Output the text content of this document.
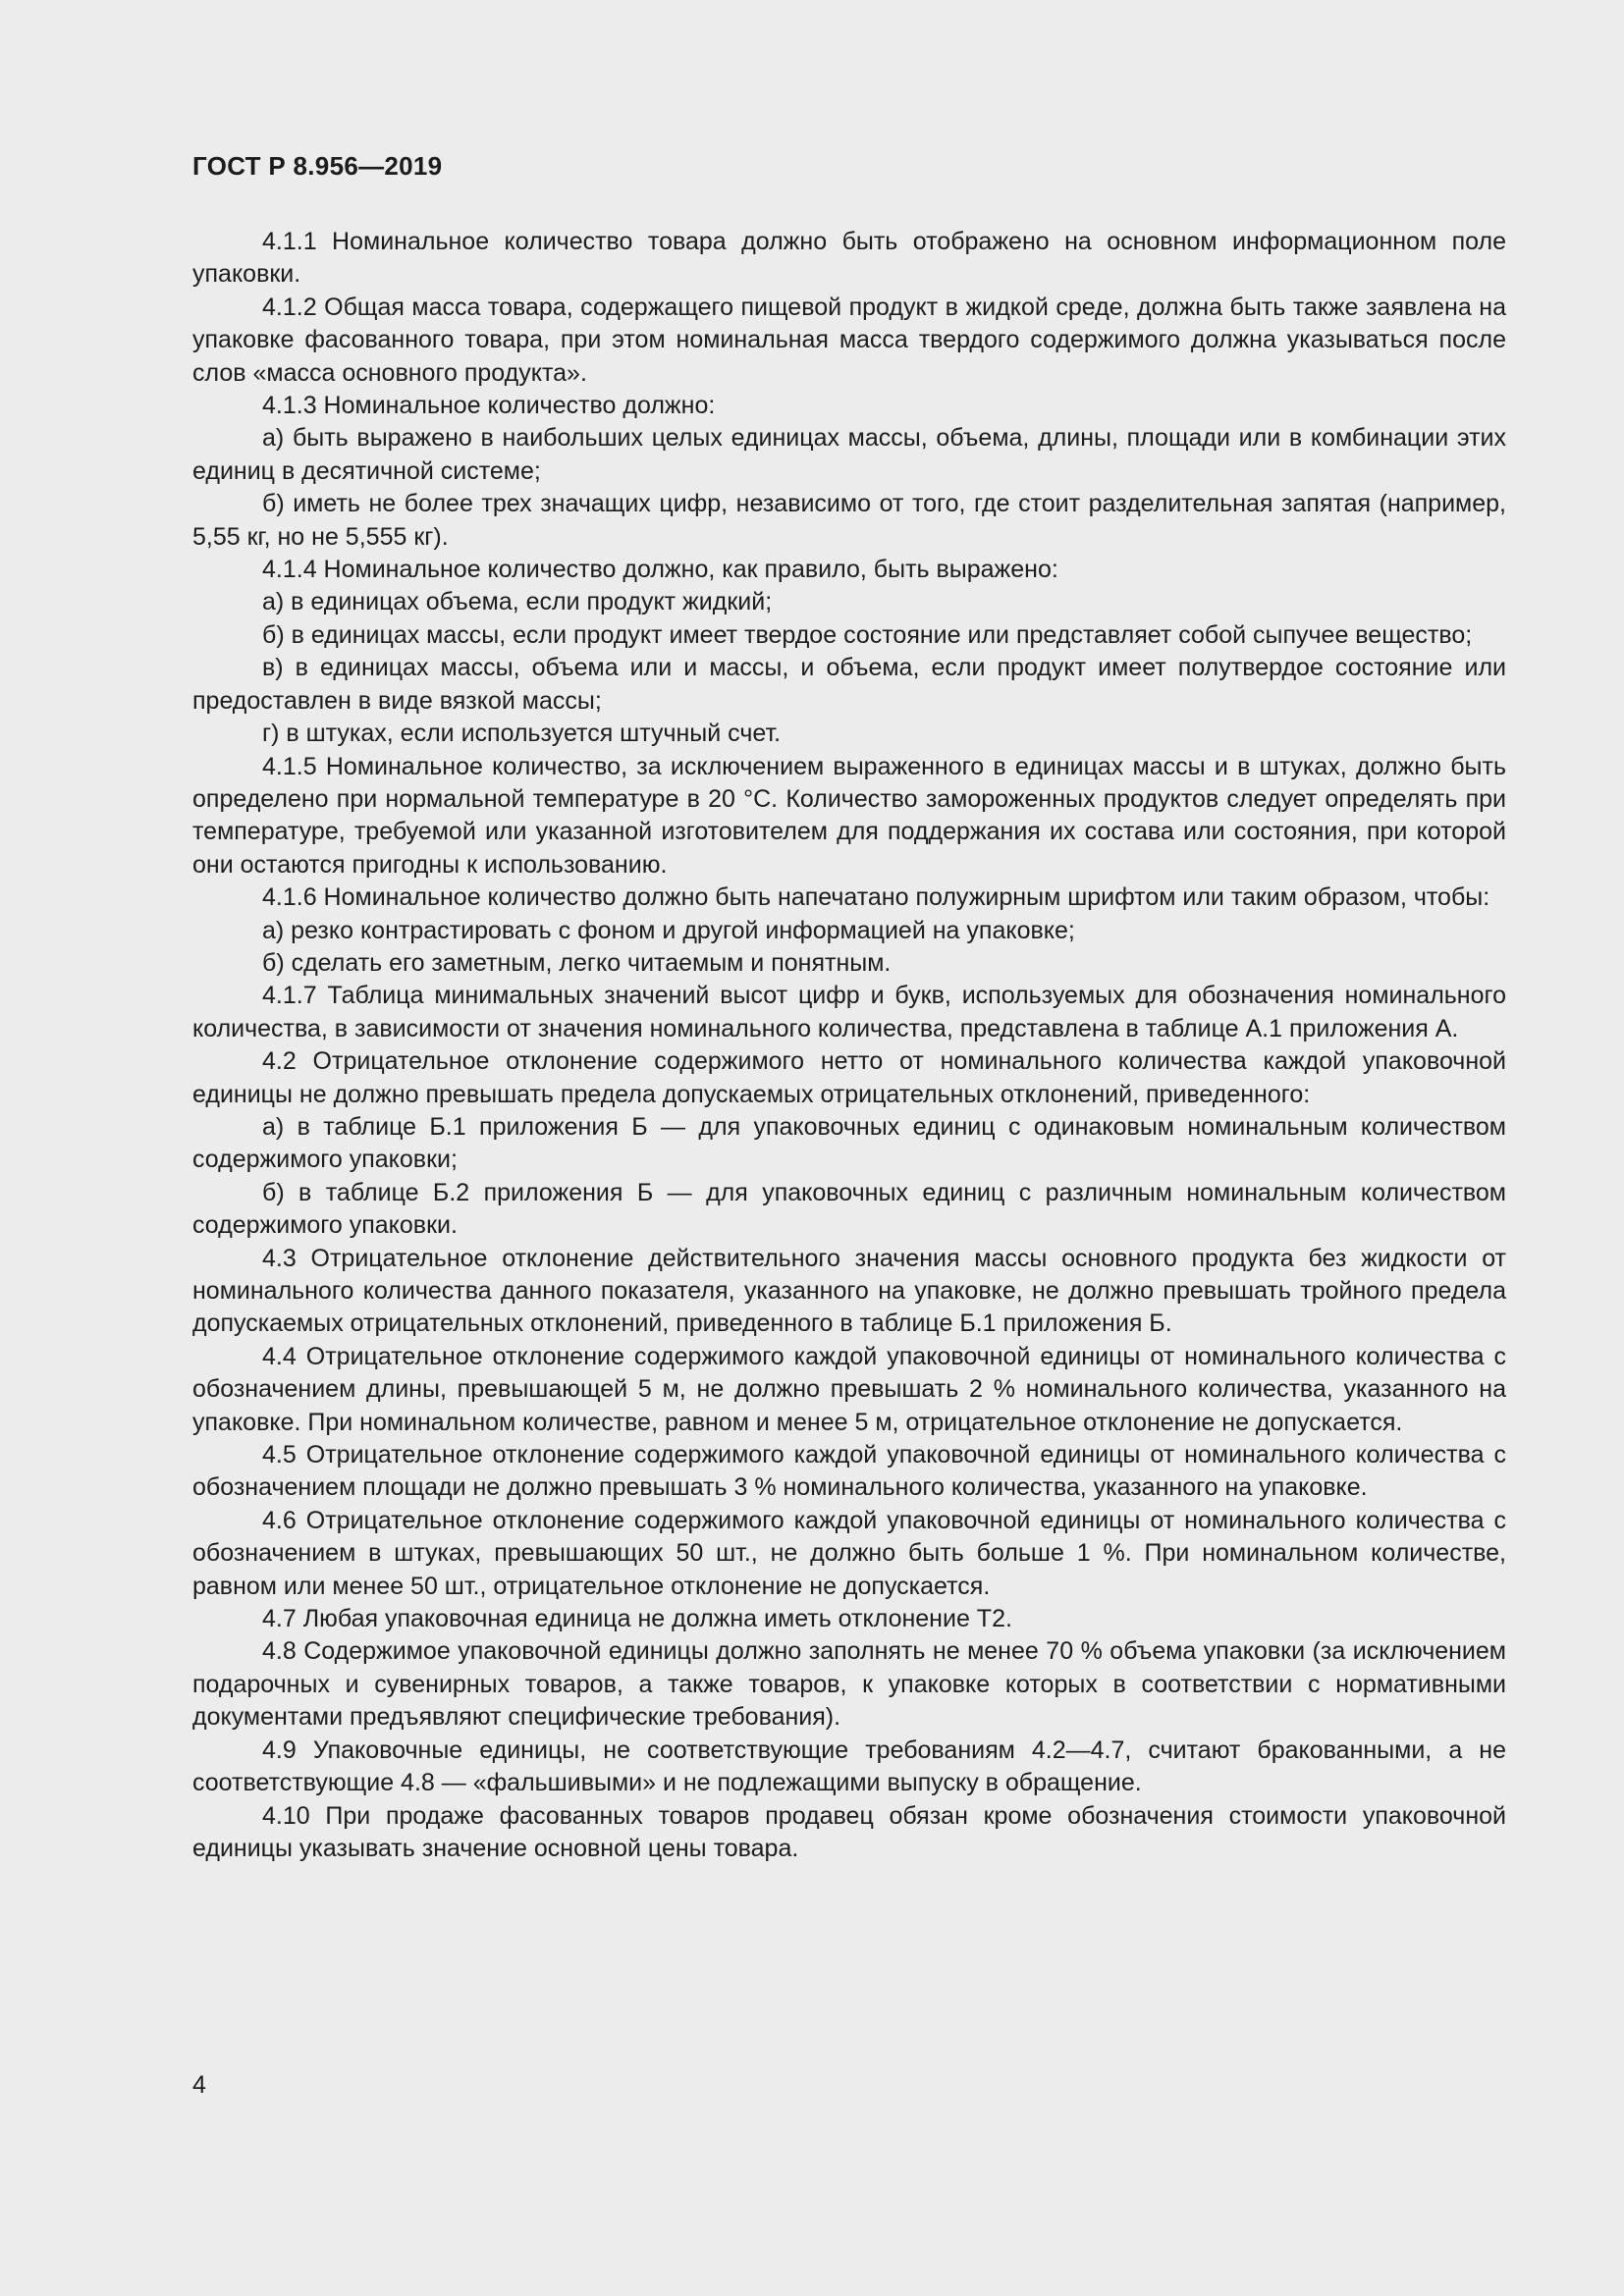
ГОСТ Р 8.956—2019

4.1.1 Номинальное количество товара должно быть отображено на основном информационном поле упаковки.

4.1.2 Общая масса товара, содержащего пищевой продукт в жидкой среде, должна быть также заявлена на упаковке фасованного товара, при этом номинальная масса твердого содержимого должна указываться после слов «масса основного продукта».

4.1.3 Номинальное количество должно:

а) быть выражено в наибольших целых единицах массы, объема, длины, площади или в комбинации этих единиц в десятичной системе;

б) иметь не более трех значащих цифр, независимо от того, где стоит разделительная запятая (например, 5,55 кг, но не 5,555 кг).

4.1.4 Номинальное количество должно, как правило, быть выражено:

а) в единицах объема, если продукт жидкий;

б) в единицах массы, если продукт имеет твердое состояние или представляет собой сыпучее вещество;

в) в единицах массы, объема или и массы, и объема, если продукт имеет полутвердое состояние или предоставлен в виде вязкой массы;

г) в штуках, если используется штучный счет.

4.1.5 Номинальное количество, за исключением выраженного в единицах массы и в штуках, должно быть определено при нормальной температуре в 20 °С. Количество замороженных продуктов следует определять при температуре, требуемой или указанной изготовителем для поддержания их состава или состояния, при которой они остаются пригодны к использованию.

4.1.6 Номинальное количество должно быть напечатано полужирным шрифтом или таким образом, чтобы:

а) резко контрастировать с фоном и другой информацией на упаковке;

б) сделать его заметным, легко читаемым и понятным.

4.1.7 Таблица минимальных значений высот цифр и букв, используемых для обозначения номинального количества, в зависимости от значения номинального количества, представлена в таблице А.1 приложения А.

4.2 Отрицательное отклонение содержимого нетто от номинального количества каждой упаковочной единицы не должно превышать предела допускаемых отрицательных отклонений, приведенного:

а) в таблице Б.1 приложения Б — для упаковочных единиц с одинаковым номинальным количеством содержимого упаковки;

б) в таблице Б.2 приложения Б — для упаковочных единиц с различным номинальным количеством содержимого упаковки.

4.3 Отрицательное отклонение действительного значения массы основного продукта без жидкости от номинального количества данного показателя, указанного на упаковке, не должно превышать тройного предела допускаемых отрицательных отклонений, приведенного в таблице Б.1 приложения Б.

4.4 Отрицательное отклонение содержимого каждой упаковочной единицы от номинального количества с обозначением длины, превышающей 5 м, не должно превышать 2 % номинального количества, указанного на упаковке. При номинальном количестве, равном и менее 5 м, отрицательное отклонение не допускается.

4.5 Отрицательное отклонение содержимого каждой упаковочной единицы от номинального количества с обозначением площади не должно превышать 3 % номинального количества, указанного на упаковке.

4.6 Отрицательное отклонение содержимого каждой упаковочной единицы от номинального количества с обозначением в штуках, превышающих 50 шт., не должно быть больше 1 %. При номинальном количестве, равном или менее 50 шт., отрицательное отклонение не допускается.

4.7 Любая упаковочная единица не должна иметь отклонение Т2.

4.8 Содержимое упаковочной единицы должно заполнять не менее 70 % объема упаковки (за исключением подарочных и сувенирных товаров, а также товаров, к упаковке которых в соответствии с нормативными документами предъявляют специфические требования).

4.9 Упаковочные единицы, не соответствующие требованиям 4.2—4.7, считают бракованными, а не соответствующие 4.8 — «фальшивыми» и не подлежащими выпуску в обращение.

4.10 При продаже фасованных товаров продавец обязан кроме обозначения стоимости упаковочной единицы указывать значение основной цены товара.

4
